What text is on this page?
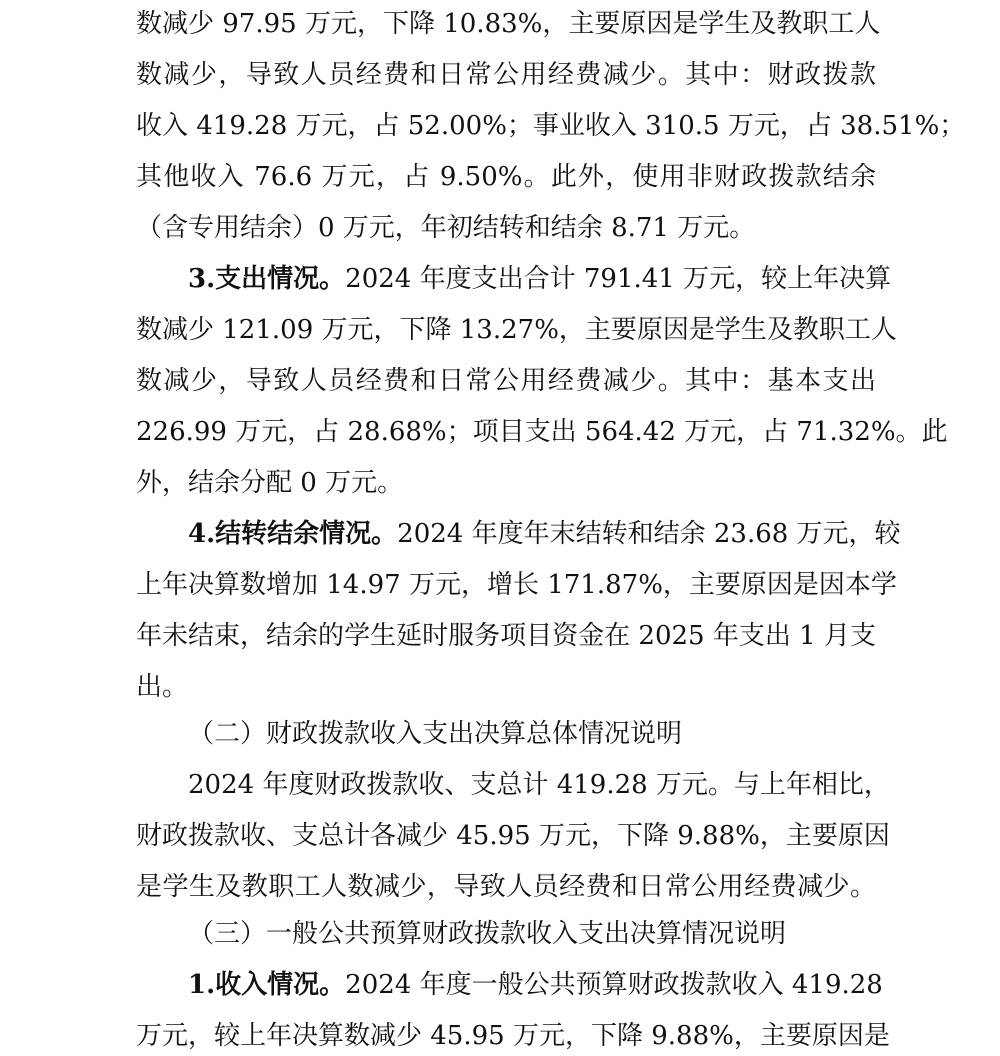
数减少 97.95 万元，下降 10.83%，主要原因是学生及教职工人
数减少，导致人员经费和日常公用经费减少。其中：财政拨款
收入 419.28 万元，占 52.00%；事业收入 310.5 万元，占 38.51%；
其他收入 76.6 万元，占 9.50%。此外，使用非财政拨款结余
（含专用结余）0 万元，年初结转和结余 8.71 万元。
3.支出情况。2024 年度支出合计 791.41 万元，较上年决算
数减少 121.09 万元，下降 13.27%，主要原因是学生及教职工人
数减少，导致人员经费和日常公用经费减少。其中：基本支出
226.99 万元，占 28.68%；项目支出 564.42 万元，占 71.32%。此
外，结余分配 0 万元。
4.结转结余情况。2024 年度年末结转和结余 23.68 万元，较
上年决算数增加 14.97 万元，增长 171.87%，主要原因是因本学
年未结束，结余的学生延时服务项目资金在 2025 年支出 1 月支
出。
（二）财政拨款收入支出决算总体情况说明
2024 年度财政拨款收、支总计 419.28 万元。与上年相比，
财政拨款收、支总计各减少 45.95 万元，下降 9.88%，主要原因
是学生及教职工人数减少，导致人员经费和日常公用经费减少。
（三）一般公共预算财政拨款收入支出决算情况说明
1.收入情况。2024 年度一般公共预算财政拨款收入 419.28
万元，较上年决算数减少 45.95 万元，下降 9.88%，主要原因是
